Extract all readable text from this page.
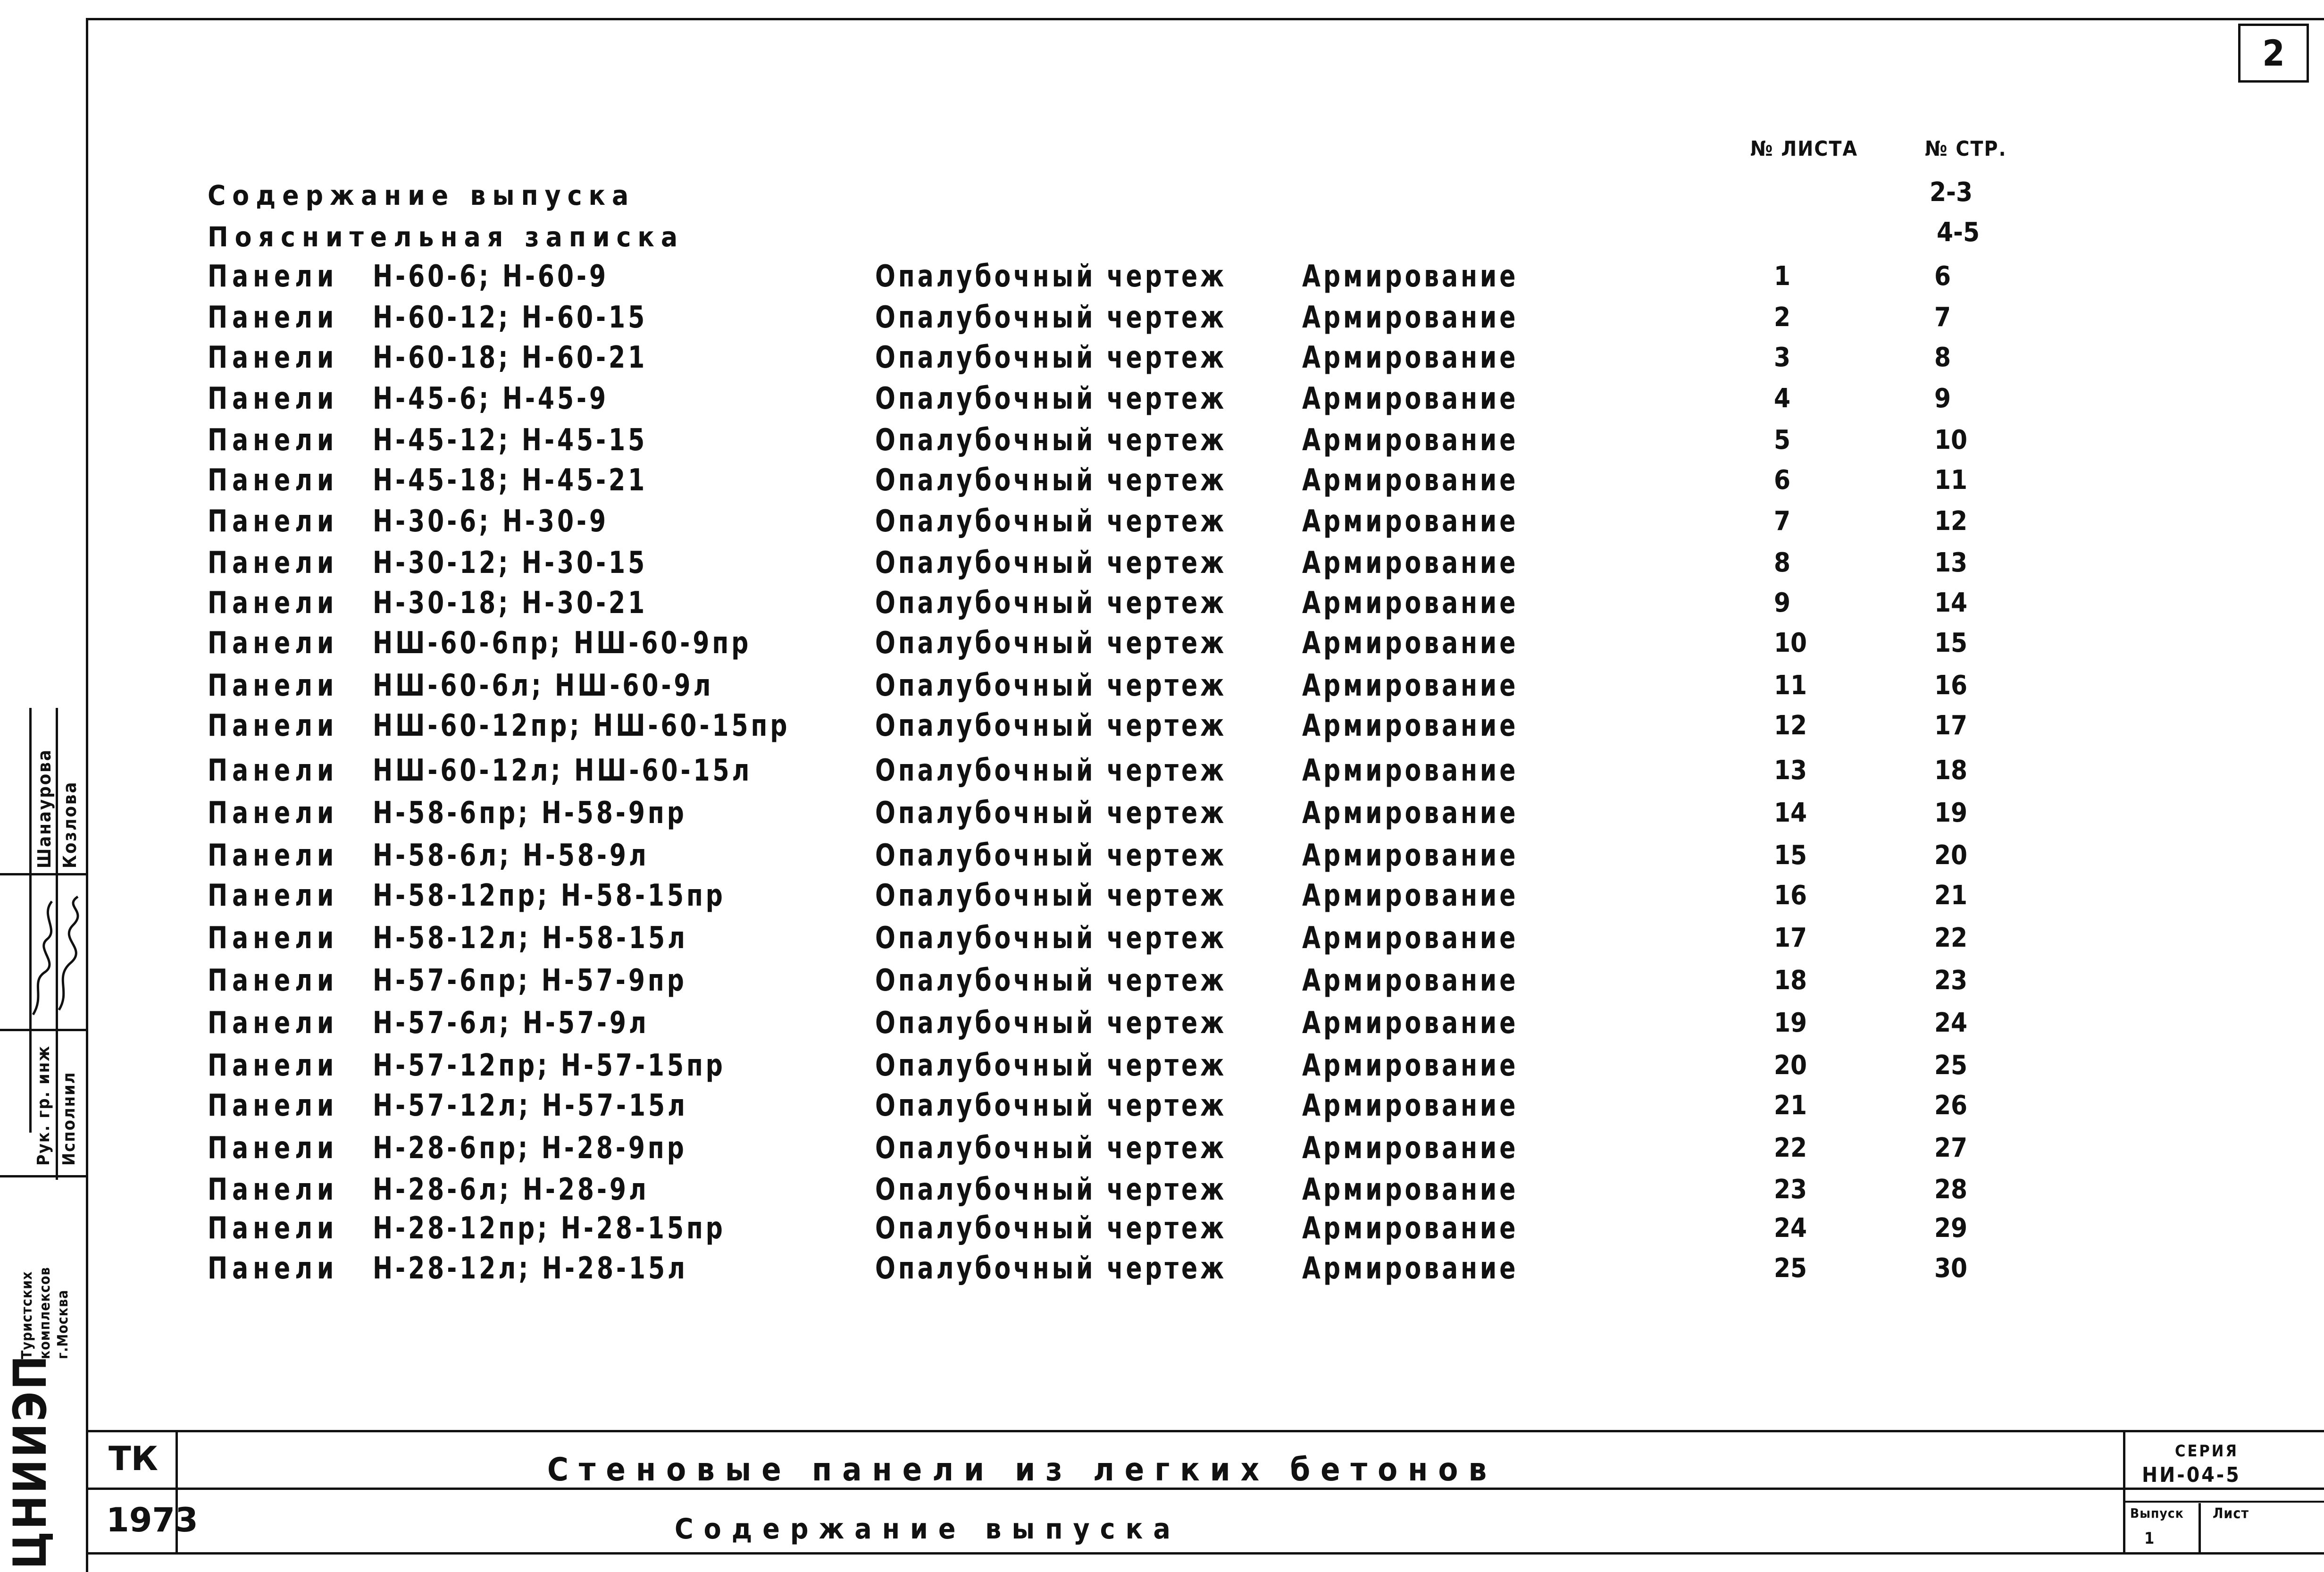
2
№ ЛИСТА	№ СТР.
Содержание выпуска	2-3
Пояснительная записка	4-5
Панели Н-60-6; Н-60-9	Опалубочный чертеж	Армирование	1	6
Панели Н-60-12; Н-60-15	Опалубочный чертеж	Армирование	2	7
Панели Н-60-18; Н-60-21	Опалубочный чертеж	Армирование	3	8
Панели Н-45-6; Н-45-9	Опалубочный чертеж	Армирование	4	9
Панели Н-45-12; Н-45-15	Опалубочный чертеж	Армирование	5	10
Панели Н-45-18; Н-45-21	Опалубочный чертеж	Армирование	6	11
Панели Н-30-6; Н-30-9	Опалубочный чертеж	Армирование	7	12
Панели Н-30-12; Н-30-15	Опалубочный чертеж	Армирование	8	13
Панели Н-30-18; Н-30-21	Опалубочный чертеж	Армирование	9	14
Панели НШ-60-6пр; НШ-60-9пр	Опалубочный чертеж	Армирование	10	15
Панели НШ-60-6л; НШ-60-9л	Опалубочный чертеж	Армирование	11	16
Панели НШ-60-12пр; НШ-60-15пр	Опалубочный чертеж	Армирование	12	17
Панели НШ-60-12л; НШ-60-15л	Опалубочный чертеж	Армирование	13	18
Панели Н-58-6пр; Н-58-9пр	Опалубочный чертеж	Армирование	14	19
Панели Н-58-6л; Н-58-9л	Опалубочный чертеж	Армирование	15	20
Панели Н-58-12пр; Н-58-15пр	Опалубочный чертеж	Армирование	16	21
Панели Н-58-12л; Н-58-15л	Опалубочный чертеж	Армирование	17	22
Панели Н-57-6пр; Н-57-9пр	Опалубочный чертеж	Армирование	18	23
Панели Н-57-6л; Н-57-9л	Опалубочный чертеж	Армирование	19	24
Панели Н-57-12пр; Н-57-15пр	Опалубочный чертеж	Армирование	20	25
Панели Н-57-12л; Н-57-15л	Опалубочный чертеж	Армирование	21	26
Панели Н-28-6пр; Н-28-9пр	Опалубочный чертеж	Армирование	22	27
Панели Н-28-6л; Н-28-9л	Опалубочный чертеж	Армирование	23	28
Панели Н-28-12пр; Н-28-15пр	Опалубочный чертеж	Армирование	24	29
Панели Н-28-12л; Н-28-15л	Опалубочный чертеж	Армирование	25	30
ТК
1973
Стеновые панели из легких бетонов
Содержание выпуска
СЕРИЯ
НИ-04-5
Выпуск
1
Лист
Шанаурова Козлова
Рук. гр. инж Исполнил
Туристских комплексов г.Москва
ЦНИИЭП
